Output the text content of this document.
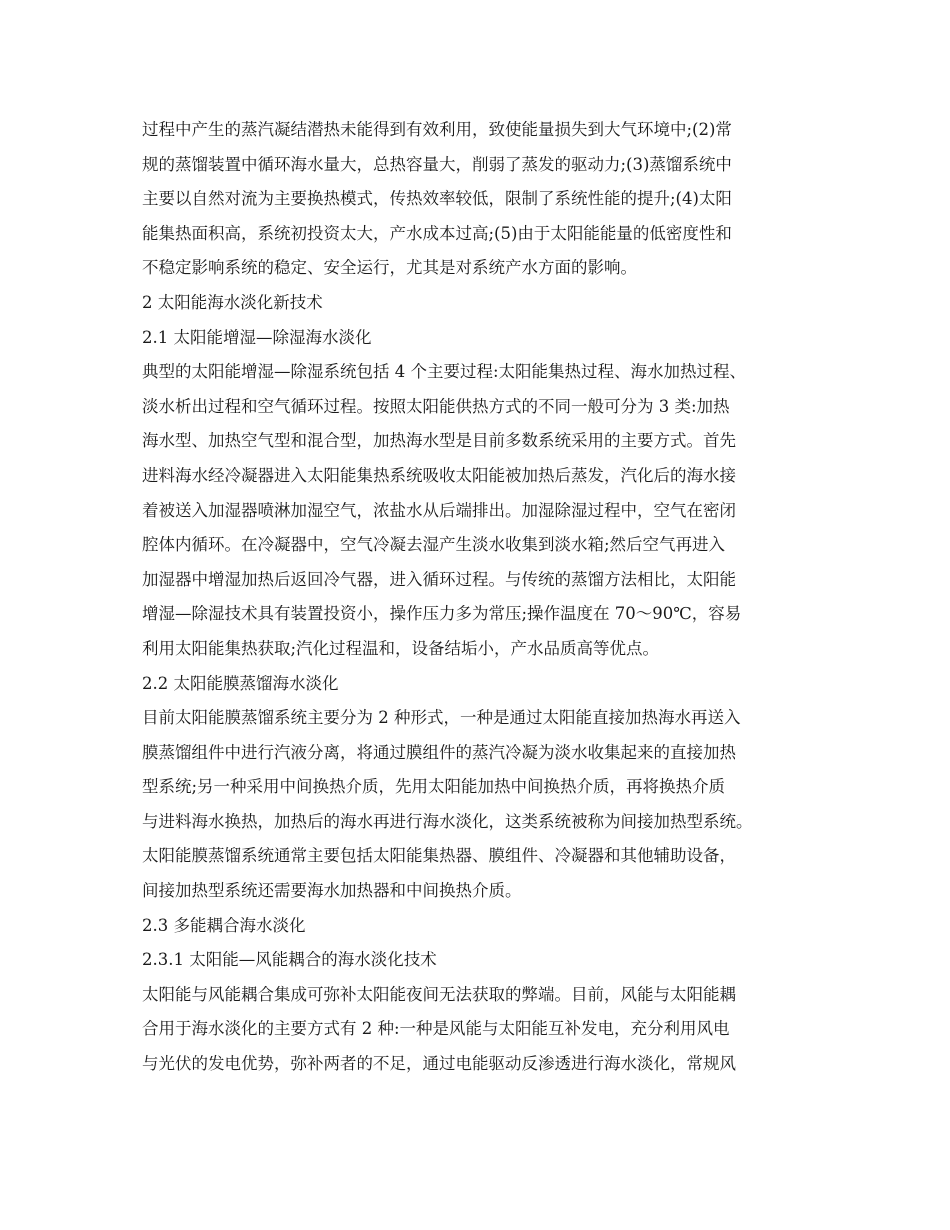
过程中产生的蒸汽凝结潜热未能得到有效利用，致使能量损失到大气环境中;(2)常
规的蒸馏装置中循环海水量大，总热容量大，削弱了蒸发的驱动力;(3)蒸馏系统中
主要以自然对流为主要换热模式，传热效率较低，限制了系统性能的提升;(4)太阳
能集热面积高，系统初投资太大，产水成本过高;(5)由于太阳能能量的低密度性和
不稳定影响系统的稳定、安全运行，尤其是对系统产水方面的影响。
2 太阳能海水淡化新技术
2.1 太阳能增湿—除湿海水淡化
典型的太阳能增湿—除湿系统包括 4 个主要过程:太阳能集热过程、海水加热过程、
淡水析出过程和空气循环过程。按照太阳能供热方式的不同一般可分为 3 类:加热
海水型、加热空气型和混合型，加热海水型是目前多数系统采用的主要方式。首先
进料海水经冷凝器进入太阳能集热系统吸收太阳能被加热后蒸发，汽化后的海水接
着被送入加湿器喷淋加湿空气，浓盐水从后端排出。加湿除湿过程中，空气在密闭
腔体内循环。在冷凝器中，空气冷凝去湿产生淡水收集到淡水箱;然后空气再进入
加湿器中增湿加热后返回冷气器，进入循环过程。与传统的蒸馏方法相比，太阳能
增湿—除湿技术具有装置投资小，操作压力多为常压;操作温度在 70～90℃，容易
利用太阳能集热获取;汽化过程温和，设备结垢小，产水品质高等优点。
2.2 太阳能膜蒸馏海水淡化
目前太阳能膜蒸馏系统主要分为 2 种形式，一种是通过太阳能直接加热海水再送入
膜蒸馏组件中进行汽液分离，将通过膜组件的蒸汽冷凝为淡水收集起来的直接加热
型系统;另一种采用中间换热介质，先用太阳能加热中间换热介质，再将换热介质
与进料海水换热，加热后的海水再进行海水淡化，这类系统被称为间接加热型系统。
太阳能膜蒸馏系统通常主要包括太阳能集热器、膜组件、冷凝器和其他辅助设备，
间接加热型系统还需要海水加热器和中间换热介质。
2.3 多能耦合海水淡化
2.3.1 太阳能—风能耦合的海水淡化技术
太阳能与风能耦合集成可弥补太阳能夜间无法获取的弊端。目前，风能与太阳能耦
合用于海水淡化的主要方式有 2 种:一种是风能与太阳能互补发电，充分利用风电
与光伏的发电优势，弥补两者的不足，通过电能驱动反渗透进行海水淡化，常规风
